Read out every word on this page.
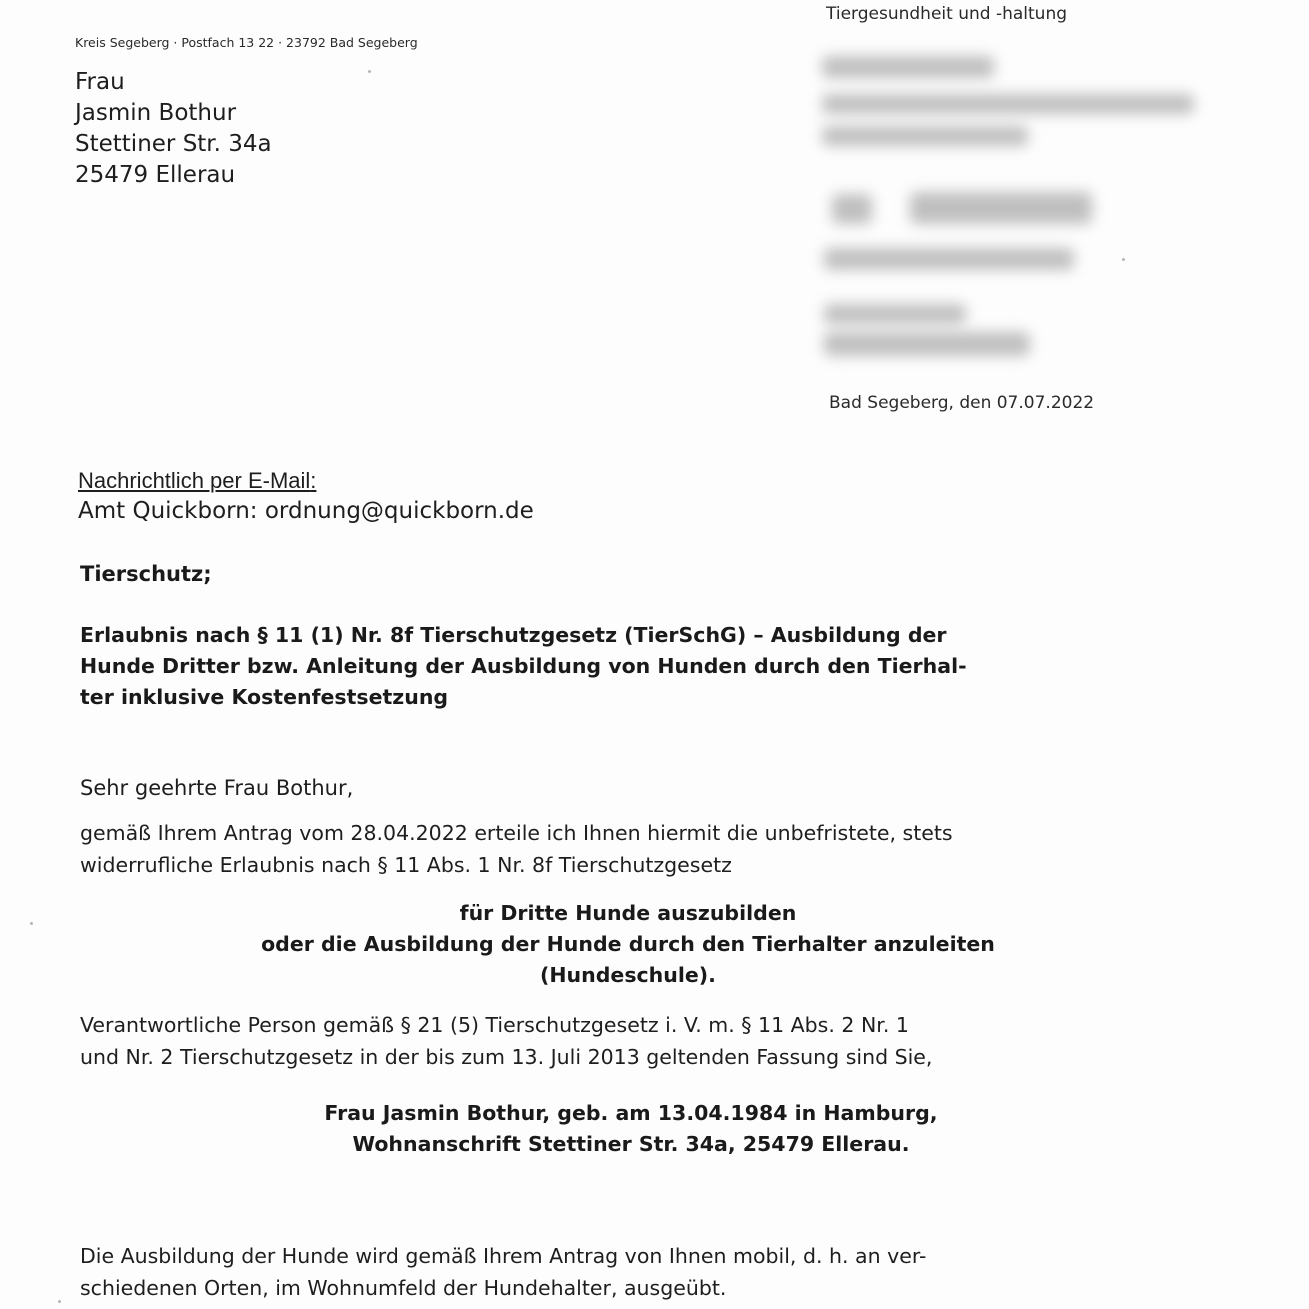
Tiergesundheit und -haltung
Kreis Segeberg · Postfach 13 22 · 23792 Bad Segeberg
Frau
Jasmin Bothur
Stettiner Str. 34a
25479 Ellerau
Bad Segeberg, den 07.07.2022
Nachrichtlich per E-Mail:
Amt Quickborn: ordnung@quickborn.de
Tierschutz;
Erlaubnis nach § 11 (1) Nr. 8f Tierschutzgesetz (TierSchG) – Ausbildung der
Hunde Dritter bzw. Anleitung der Ausbildung von Hunden durch den Tierhal-
ter inklusive Kostenfestsetzung
Sehr geehrte Frau Bothur,
gemäß Ihrem Antrag vom 28.04.2022 erteile ich Ihnen hiermit die unbefristete, stets
widerrufliche Erlaubnis nach § 11 Abs. 1 Nr. 8f Tierschutzgesetz
für Dritte Hunde auszubilden
oder die Ausbildung der Hunde durch den Tierhalter anzuleiten
(Hundeschule).
Verantwortliche Person gemäß § 21 (5) Tierschutzgesetz i. V. m. § 11 Abs. 2 Nr. 1
und Nr. 2 Tierschutzgesetz in der bis zum 13. Juli 2013 geltenden Fassung sind Sie,
Frau Jasmin Bothur, geb. am 13.04.1984 in Hamburg,
Wohnanschrift Stettiner Str. 34a, 25479 Ellerau.
Die Ausbildung der Hunde wird gemäß Ihrem Antrag von Ihnen mobil, d. h. an ver-
schiedenen Orten, im Wohnumfeld der Hundehalter, ausgeübt.
